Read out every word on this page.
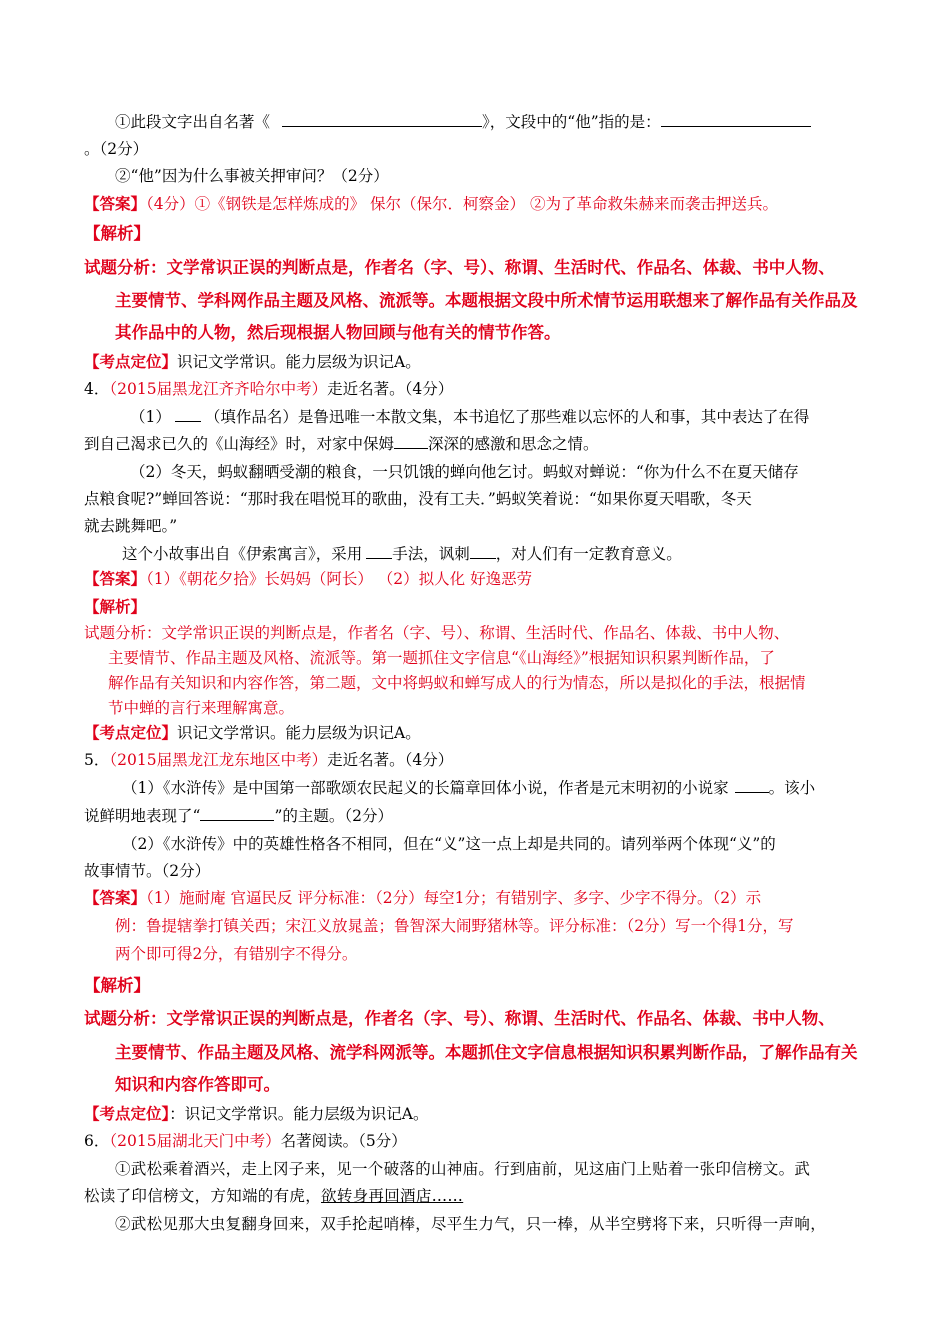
①此段文字出自名著《	》，文段中的“他”指的是：
。（2分）
②“他”因为什么事被关押审问？（2分）
【答案】（4分）①《钢铁是怎样炼成的》 保尔（保尔．柯察金） ②为了革命救朱赫来而袭击押送兵。
【解析】
试题分析：文学常识正误的判断点是，作者名（字、号）、称谓、生活时代、作品名、体裁、书中人物、
主要情节、学科网作品主题及风格、流派等。本题根据文段中所术情节运用联想来了解作品有关作品及
其作品中的人物，然后现根据人物回顾与他有关的情节作答。
【考点定位】识记文学常识。能力层级为识记A。
4．（2015届黑龙江齐齐哈尔中考）走近名著。（4分）
（1） （填作品名）是鲁迅唯一本散文集，本书追忆了那些难以忘怀的人和事，其中表达了在得
到自己渴求已久的《山海经》时，对家中保姆 深深的感激和思念之情。
（2）冬天，蚂蚁翻晒受潮的粮食，一只饥饿的蝉向他乞讨。蚂蚁对蝉说：“你为什么不在夏天储存
点粮食呢?”蝉回答说：“那时我在唱悦耳的歌曲，没有工夫．”蚂蚁笑着说：“如果你夏天唱歌，冬天
就去跳舞吧。”
这个小故事出自《伊索寓言》，采用 手法，讽刺 ，对人们有一定教育意义。
【答案】（1）《朝花夕拾》长妈妈（阿长） （2）拟人化 好逸恶劳
【解析】
试题分析：文学常识正误的判断点是，作者名（字、号）、称谓、生活时代、作品名、体裁、书中人物、
主要情节、作品主题及风格、流派等。第一题抓住文字信息“《山海经》”根据知识积累判断作品，了
解作品有关知识和内容作答，第二题，文中将蚂蚁和蝉写成人的行为情态，所以是拟化的手法，根据情
节中蝉的言行来理解寓意。
【考点定位】识记文学常识。能力层级为识记A。
5．（2015届黑龙江龙东地区中考）走近名著。（4分）
（1）《水浒传》是中国第一部歌颂农民起义的长篇章回体小说，作者是元末明初的小说家	。该小
说鲜明地表现了“	”的主题。（2分）
（2）《水浒传》中的英雄性格各不相同，但在“义”这一点上却是共同的。请列举两个体现“义”的
故事情节。（2分）
【答案】（1）施耐庵 官逼民反 评分标准：（2分）每空1分；有错别字、多字、少字不得分。（2）示
例：鲁提辖拳打镇关西；宋江义放晁盖；鲁智深大闹野猪林等。评分标准：（2分）写一个得1分，写
两个即可得2分，有错别字不得分。
【解析】
试题分析：文学常识正误的判断点是，作者名（字、号）、称谓、生活时代、作品名、体裁、书中人物、
主要情节、作品主题及风格、流学科网派等。本题抓住文字信息根据知识积累判断作品，了解作品有关
知识和内容作答即可。
【考点定位】：识记文学常识。能力层级为识记A。
6．（2015届湖北天门中考）名著阅读。（5分）
①武松乘着酒兴，走上冈子来，见一个破落的山神庙。行到庙前，见这庙门上贴着一张印信榜文。武
松读了印信榜文，方知端的有虎，欲转身再回酒店……
②武松见那大虫复翻身回来，双手抡起哨棒，尽平生力气，只一棒，从半空劈将下来，只听得一声响，
